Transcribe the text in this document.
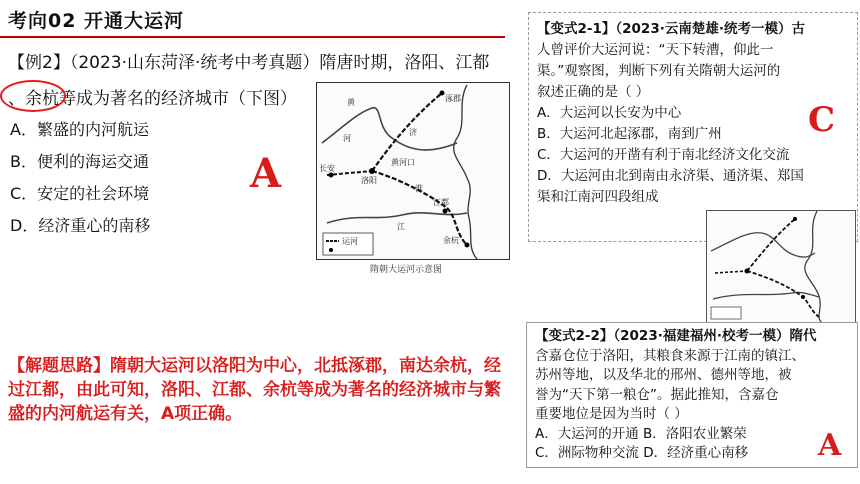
考向02 开通大运河
【例2】（2023·山东菏泽·统考中考真题）隋唐时期，洛阳、江都
、余杭等成为著名的经济城市（下图）
A．繁盛的内河航运
B．便利的海运交通
C．安定的社会环境
D．经济重心的南移
A
黄
河
济
长安
洛阳
淮
江都
余杭
江
涿郡
黄河口
运河
隋朝大运河示意图
【变式2-1】（2023·云南楚雄·统考一模）古
人曾评价大运河说：“天下转漕，仰此一
渠。”观察图，判断下列有关隋朝大运河的
叙述正确的是（ ）
A．大运河以长安为中心
B．大运河北起涿郡，南到广州
C．大运河的开凿有利于南北经济文化交流
D．大运河由北到南由永济渠、通济渠、郑国
渠和江南河四段组成
C
【变式2-2】（2023·福建福州·校考一模）隋代
含嘉仓位于洛阳，其粮食来源于江南的镇江、
苏州等地，以及华北的邢州、德州等地，被
誉为“天下第一粮仓”。据此推知，含嘉仓
重要地位是因为当时（ ）
A．大运河的开通 B．洛阳农业繁荣
C．洲际物种交流 D．经济重心南移	A
【解题思路】隋朝大运河以洛阳为中心，北抵涿郡，南达余杭，经过江都，由此可知，洛阳、江都、余杭等成为著名的经济城市与繁盛的内河航运有关，A项正确。
